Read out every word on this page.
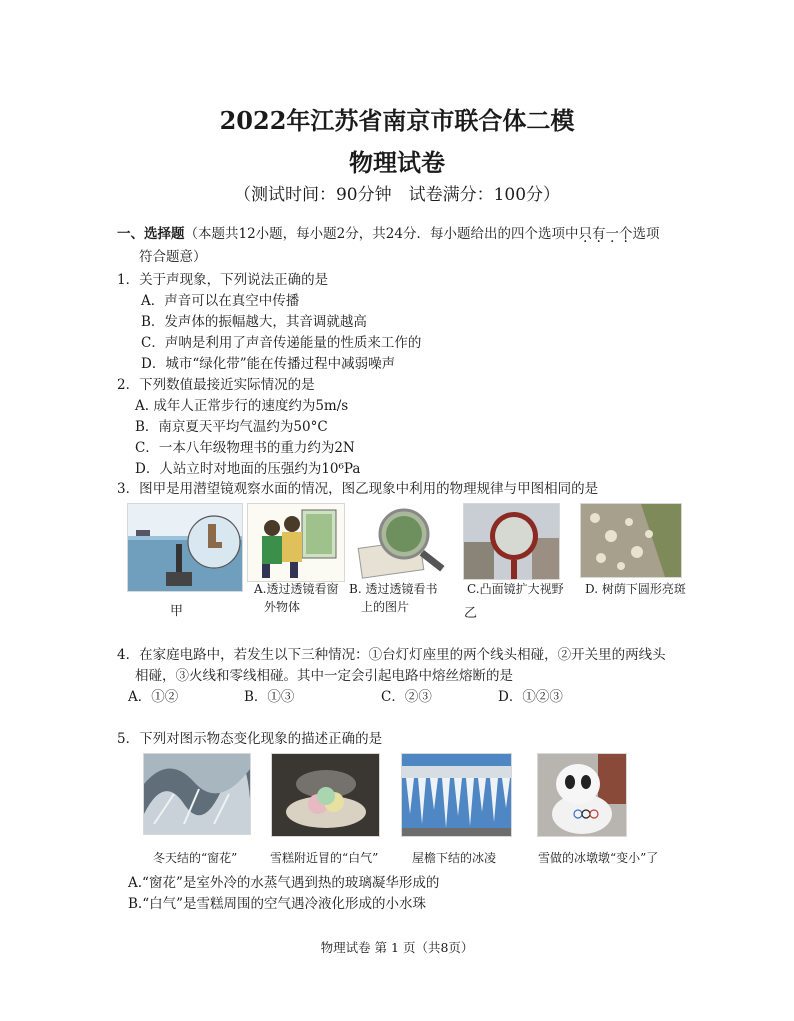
2022年江苏省南京市联合体二模
物理试卷
（测试时间：90分钟　试卷满分：100分）
一、选择题（本题共12小题，每小题2分，共24分．每小题给出的四个选项中只有一个选项
符合题意）
1．关于声现象，下列说法正确的是
A．声音可以在真空中传播
B．发声体的振幅越大，其音调就越高
C．声呐是利用了声音传递能量的性质来工作的
D．城市“绿化带”能在传播过程中减弱噪声
2．下列数值最接近实际情况的是
A. 成年人正常步行的速度约为5m/s
B．南京夏天平均气温约为50°C
C．一本八年级物理书的重力约为2N
D．人站立时对地面的压强约为10⁶Pa
3．图甲是用潜望镜观察水面的情况，图乙现象中利用的物理规律与甲图相同的是
A.透过透镜看窗
外物体
B. 透过透镜看书
上的图片
C.凸面镜扩大视野 D. 树荫下圆形亮斑
甲	乙
4．在家庭电路中，若发生以下三种情况：①台灯灯座里的两个线头相碰，②开关里的两线头
相碰，③火线和零线相碰。其中一定会引起电路中熔丝熔断的是
A．①②	B．①③	C．②③	D．①②③
5．下列对图示物态变化现象的描述正确的是
冬天结的“窗花”	雪糕附近冒的“白气”	屋檐下结的冰凌	雪做的冰墩墩“变小”了
A.“窗花”是室外冷的水蒸气遇到热的玻璃凝华形成的
B.“白气”是雪糕周围的空气遇冷液化形成的小水珠
物理试卷 第 1 页（共8页）
